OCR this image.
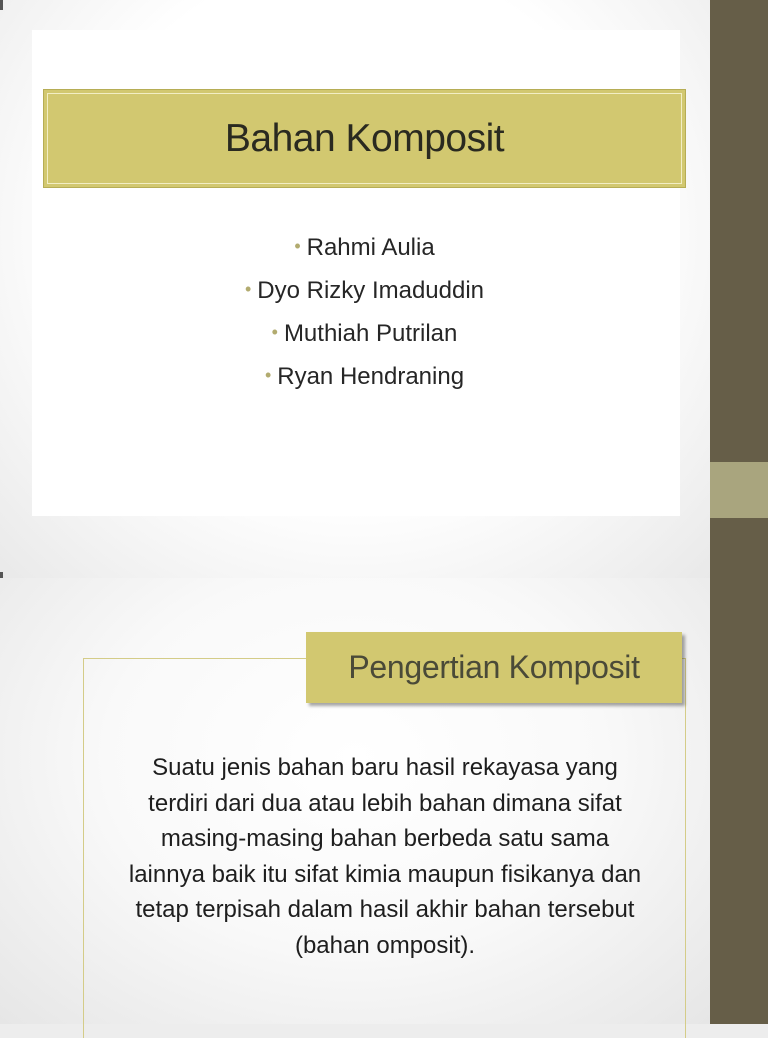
Bahan Komposit
• Rahmi Aulia
• Dyo Rizky Imaduddin
• Muthiah Putrilan
• Ryan Hendraning
Pengertian Komposit

Suatu jenis bahan baru hasil rekayasa yang
terdiri dari dua atau lebih bahan dimana sifat
masing-masing bahan berbeda satu sama
lainnya baik itu sifat kimia maupun fisikanya dan
tetap terpisah dalam hasil akhir bahan tersebut
(bahan omposit).
